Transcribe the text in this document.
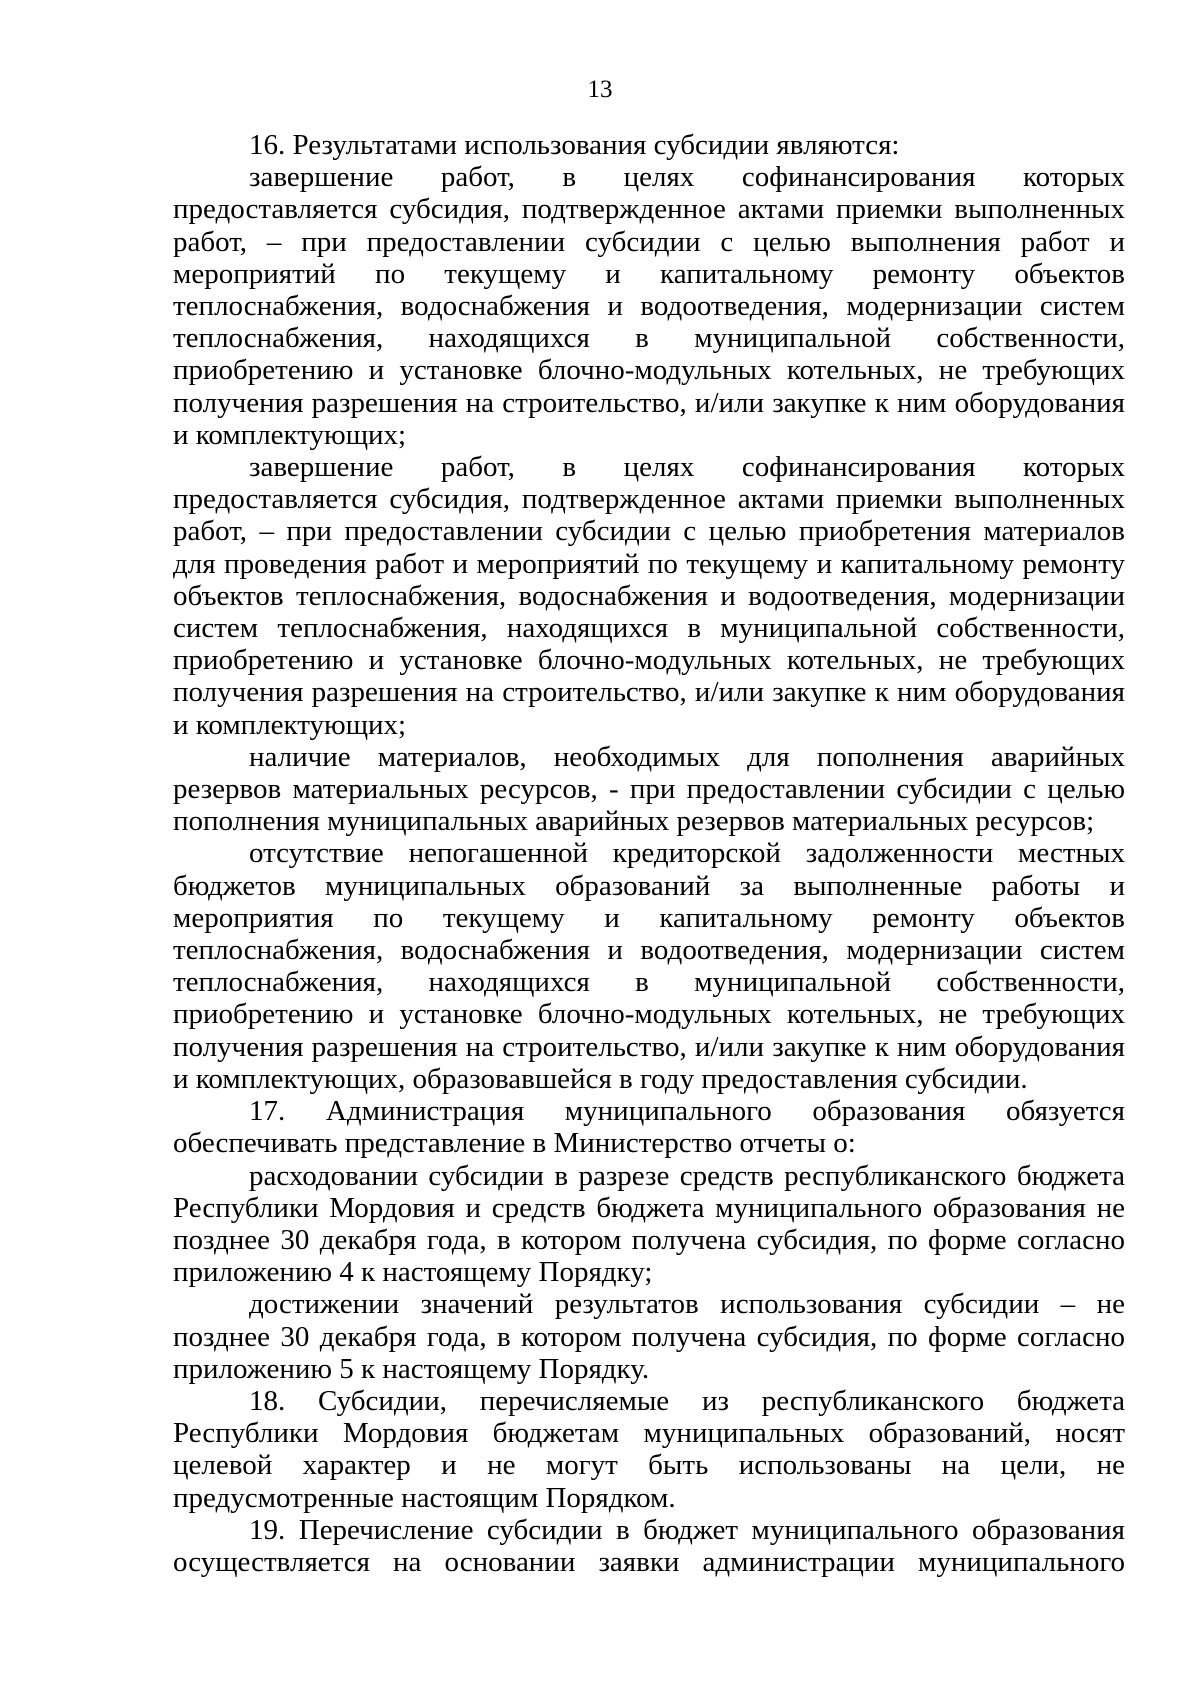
13

16. Результатами использования субсидии являются:

завершение работ, в целях софинансирования которых предоставляется субсидия, подтвержденное актами приемки выполненных работ, – при предоставлении субсидии с целью выполнения работ и мероприятий по текущему и капитальному ремонту объектов теплоснабжения, водоснабжения и водоотведения, модернизации систем теплоснабжения, находящихся в муниципальной собственности, приобретению и установке блочно-модульных котельных, не требующих получения разрешения на строительство, и/или закупке к ним оборудования и комплектующих;

завершение работ, в целях софинансирования которых предоставляется субсидия, подтвержденное актами приемки выполненных работ, – при предоставлении субсидии с целью приобретения материалов для проведения работ и мероприятий по текущему и капитальному ремонту объектов теплоснабжения, водоснабжения и водоотведения, модернизации систем теплоснабжения, находящихся в муниципальной собственности, приобретению и установке блочно-модульных котельных, не требующих получения разрешения на строительство, и/или закупке к ним оборудования и комплектующих;

наличие материалов, необходимых для пополнения аварийных резервов материальных ресурсов, - при предоставлении субсидии с целью пополнения муниципальных аварийных резервов материальных ресурсов;

отсутствие непогашенной кредиторской задолженности местных бюджетов муниципальных образований за выполненные работы и мероприятия по текущему и капитальному ремонту объектов теплоснабжения, водоснабжения и водоотведения, модернизации систем теплоснабжения, находящихся в муниципальной собственности, приобретению и установке блочно-модульных котельных, не требующих получения разрешения на строительство, и/или закупке к ним оборудования и комплектующих, образовавшейся в году предоставления субсидии.

17. Администрация муниципального образования обязуется обеспечивать представление в Министерство отчеты о:

расходовании субсидии в разрезе средств республиканского бюджета Республики Мордовия и средств бюджета муниципального образования не позднее 30 декабря года, в котором получена субсидия, по форме согласно приложению 4 к настоящему Порядку;

достижении значений результатов использования субсидии – не позднее 30 декабря года, в котором получена субсидия, по форме согласно приложению 5 к настоящему Порядку.

18. Субсидии, перечисляемые из республиканского бюджета Республики Мордовия бюджетам муниципальных образований, носят целевой характер и не могут быть использованы на цели, не предусмотренные настоящим Порядком.

19. Перечисление субсидии в бюджет муниципального образования осуществляется на основании заявки администрации муниципального
